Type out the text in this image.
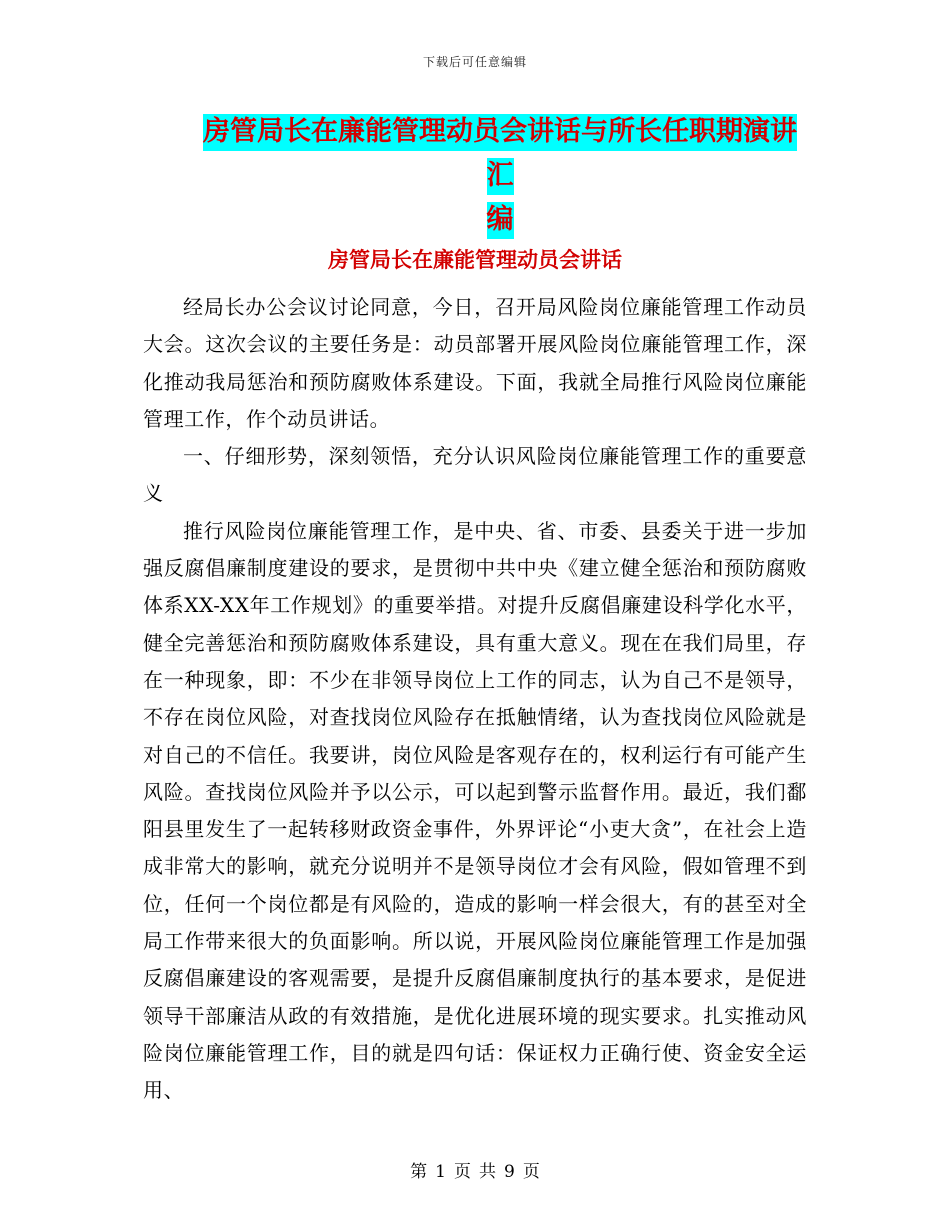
下载后可任意编辑
房管局长在廉能管理动员会讲话与所长任职期演讲汇
编
房管局长在廉能管理动员会讲话

经局长办公会议讨论同意，今日，召开局风险岗位廉能管理工作动员大会。这次会议的主要任务是：动员部署开展风险岗位廉能管理工作，深化推动我局惩治和预防腐败体系建设。下面，我就全局推行风险岗位廉能管理工作，作个动员讲话。

一、仔细形势，深刻领悟，充分认识风险岗位廉能管理工作的重要意义

推行风险岗位廉能管理工作，是中央、省、市委、县委关于进一步加强反腐倡廉制度建设的要求，是贯彻中共中央《建立健全惩治和预防腐败体系XX-XX年工作规划》的重要举措。对提升反腐倡廉建设科学化水平，健全完善惩治和预防腐败体系建设，具有重大意义。现在在我们局里，存在一种现象，即：不少在非领导岗位上工作的同志，认为自己不是领导，不存在岗位风险，对查找岗位风险存在抵触情绪，认为查找岗位风险就是对自己的不信任。我要讲，岗位风险是客观存在的，权利运行有可能产生风险。查找岗位风险并予以公示，可以起到警示监督作用。最近，我们鄱阳县里发生了一起转移财政资金事件，外界评论“小吏大贪”，在社会上造成非常大的影响，就充分说明并不是领导岗位才会有风险，假如管理不到位，任何一个岗位都是有风险的，造成的影响一样会很大，有的甚至对全局工作带来很大的负面影响。所以说，开展风险岗位廉能管理工作是加强反腐倡廉建设的客观需要，是提升反腐倡廉制度执行的基本要求，是促进领导干部廉洁从政的有效措施，是优化进展环境的现实要求。扎实推动风险岗位廉能管理工作，目的就是四句话：保证权力正确行使、资金安全运用、

第 1 页 共 9 页
